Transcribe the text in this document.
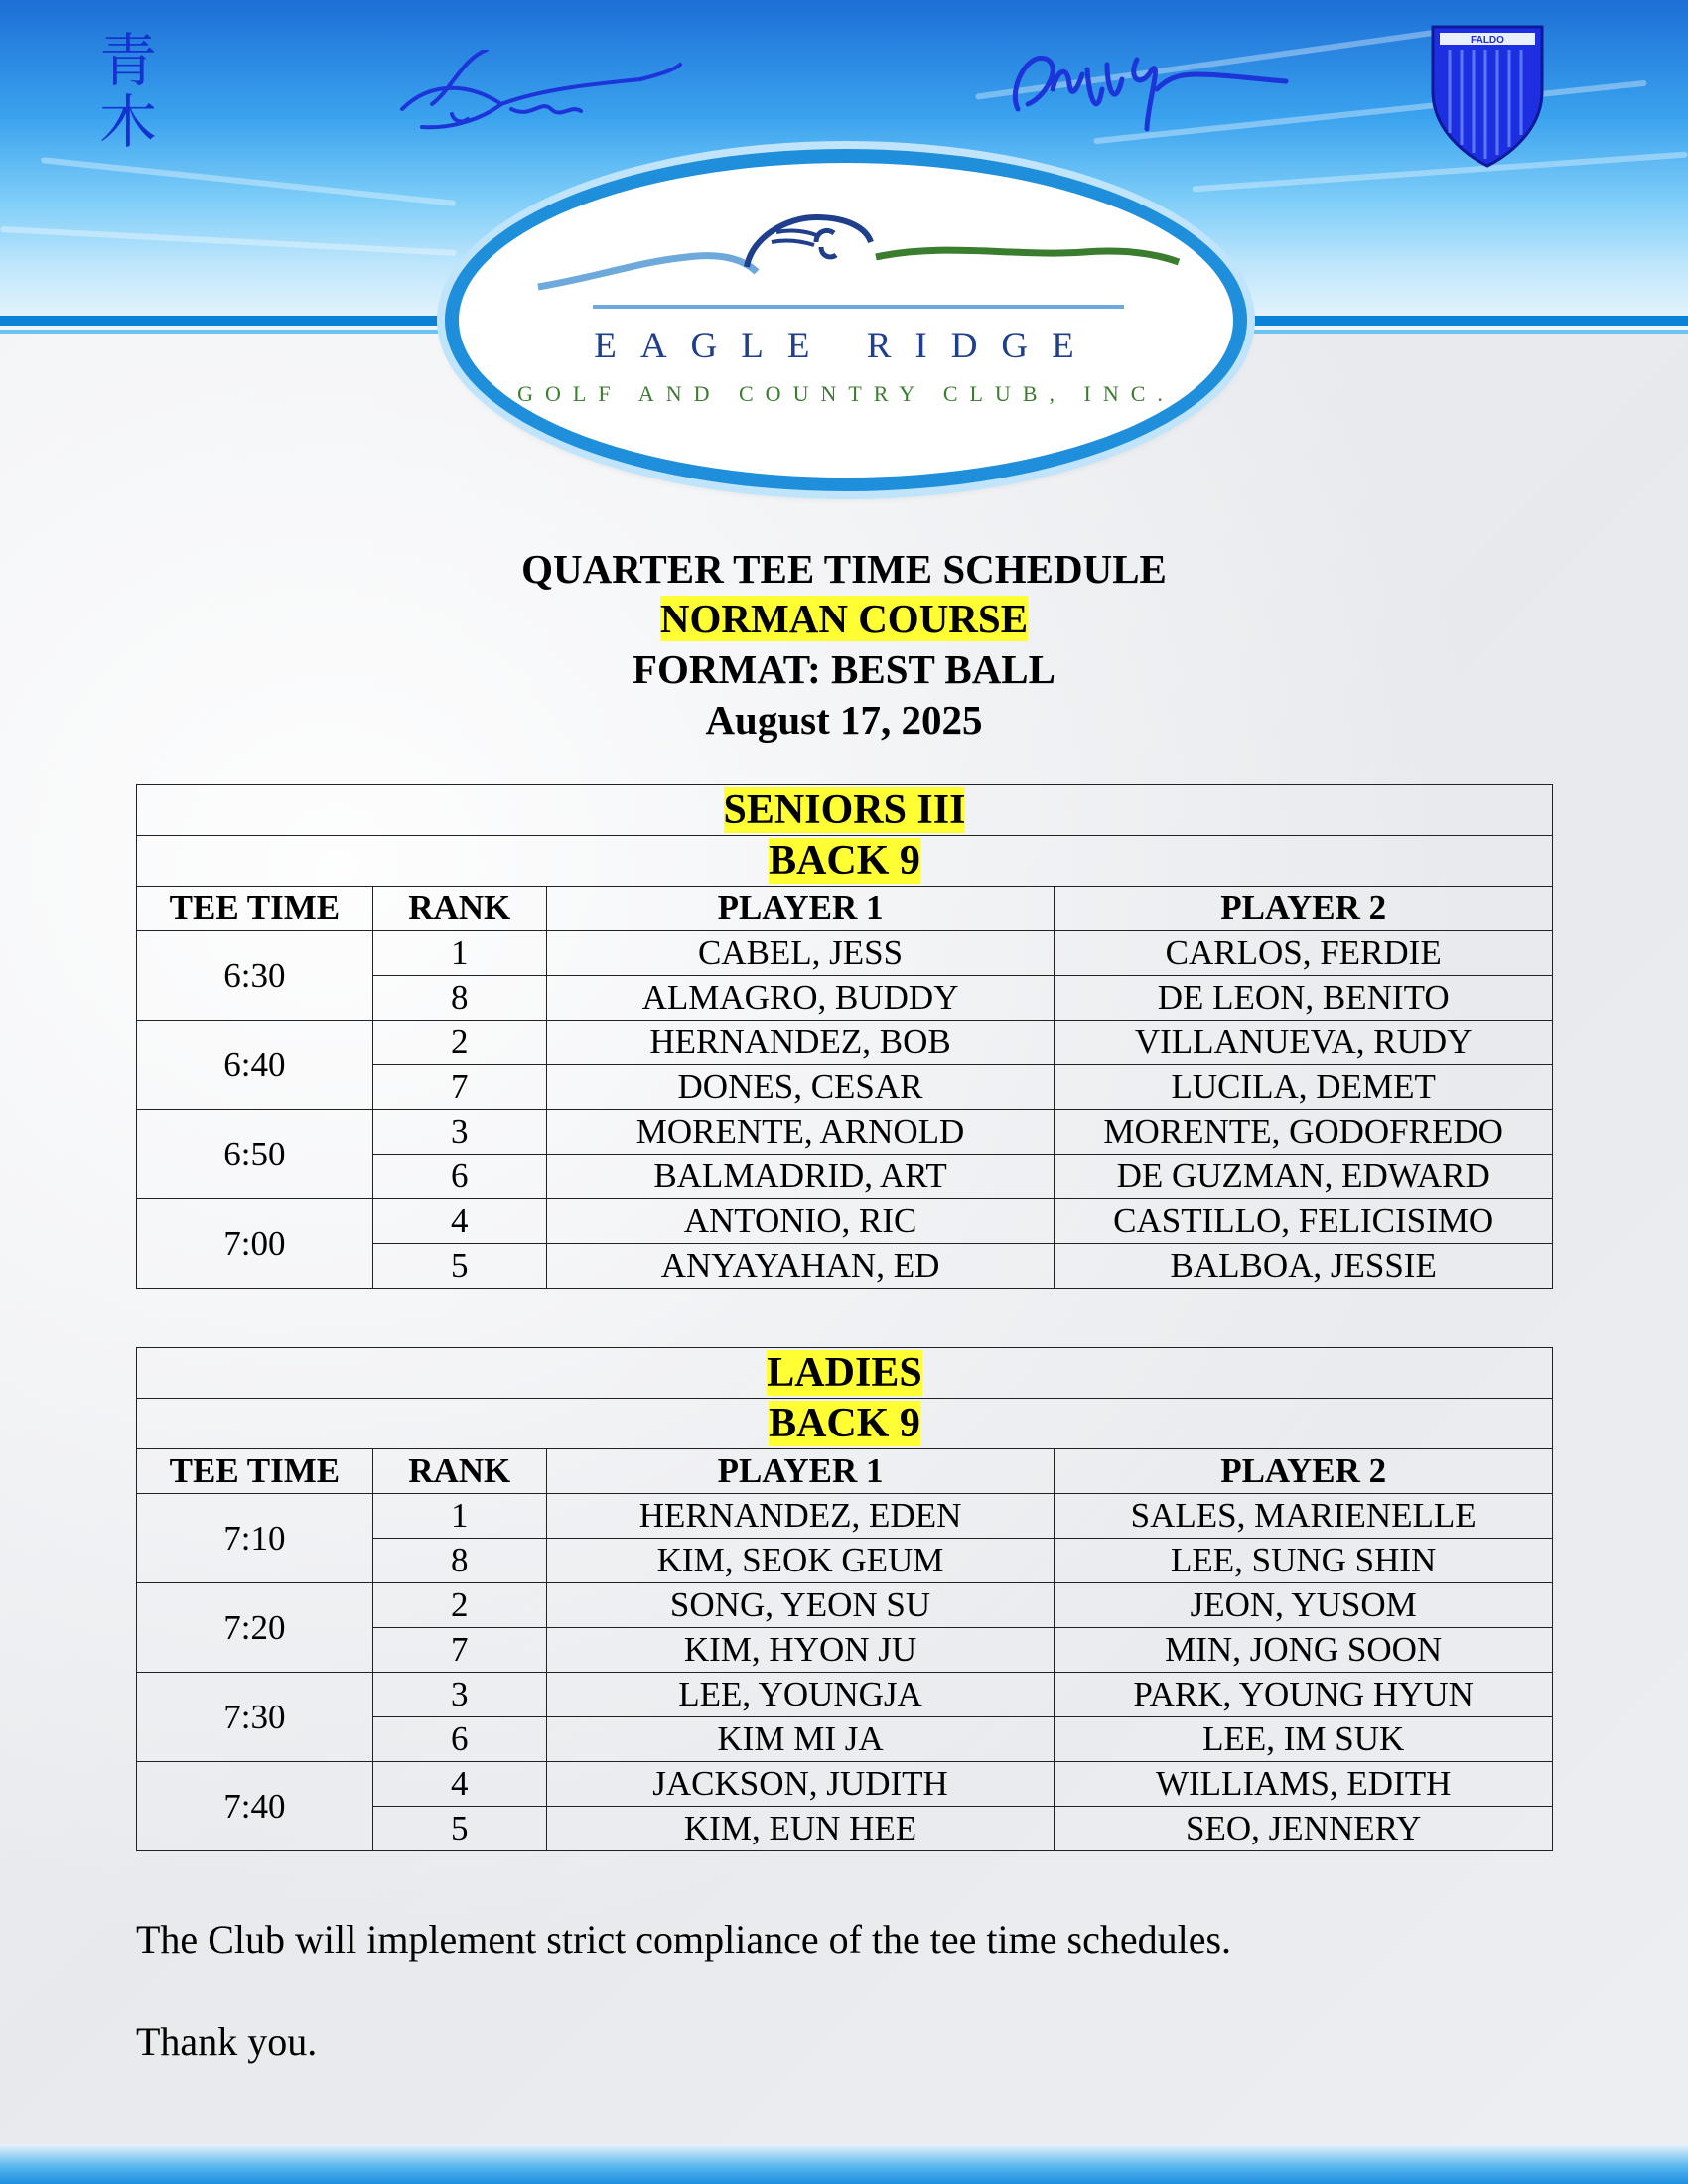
青木
FALDO
EAGLE RIDGE
GOLF AND COUNTRY CLUB, INC.
QUARTER TEE TIME SCHEDULE
NORMAN COURSE
FORMAT: BEST BALL
August 17, 2025
SENIORS III			
BACK 9			
TEE TIME	RANK	PLAYER 1	PLAYER 2
6:30	1	CABEL, JESS	CARLOS, FERDIE
	8	ALMAGRO, BUDDY	DE LEON, BENITO
6:40	2	HERNANDEZ, BOB	VILLANUEVA, RUDY
	7	DONES, CESAR	LUCILA, DEMET
6:50	3	MORENTE, ARNOLD	MORENTE, GODOFREDO
	6	BALMADRID, ART	DE GUZMAN, EDWARD
7:00	4	ANTONIO, RIC	CASTILLO, FELICISIMO
	5	ANYAYAHAN, ED	BALBOA, JESSIE
LADIES			
BACK 9			
TEE TIME	RANK	PLAYER 1	PLAYER 2
7:10	1	HERNANDEZ, EDEN	SALES, MARIENELLE
	8	KIM, SEOK GEUM	LEE, SUNG SHIN
7:20	2	SONG, YEON SU	JEON, YUSOM
	7	KIM, HYON JU	MIN, JONG SOON
7:30	3	LEE, YOUNGJA	PARK, YOUNG HYUN
	6	KIM MI JA	LEE, IM SUK
7:40	4	JACKSON, JUDITH	WILLIAMS, EDITH
	5	KIM, EUN HEE	SEO, JENNERY
The Club will implement strict compliance of the tee time schedules.
Thank you.
